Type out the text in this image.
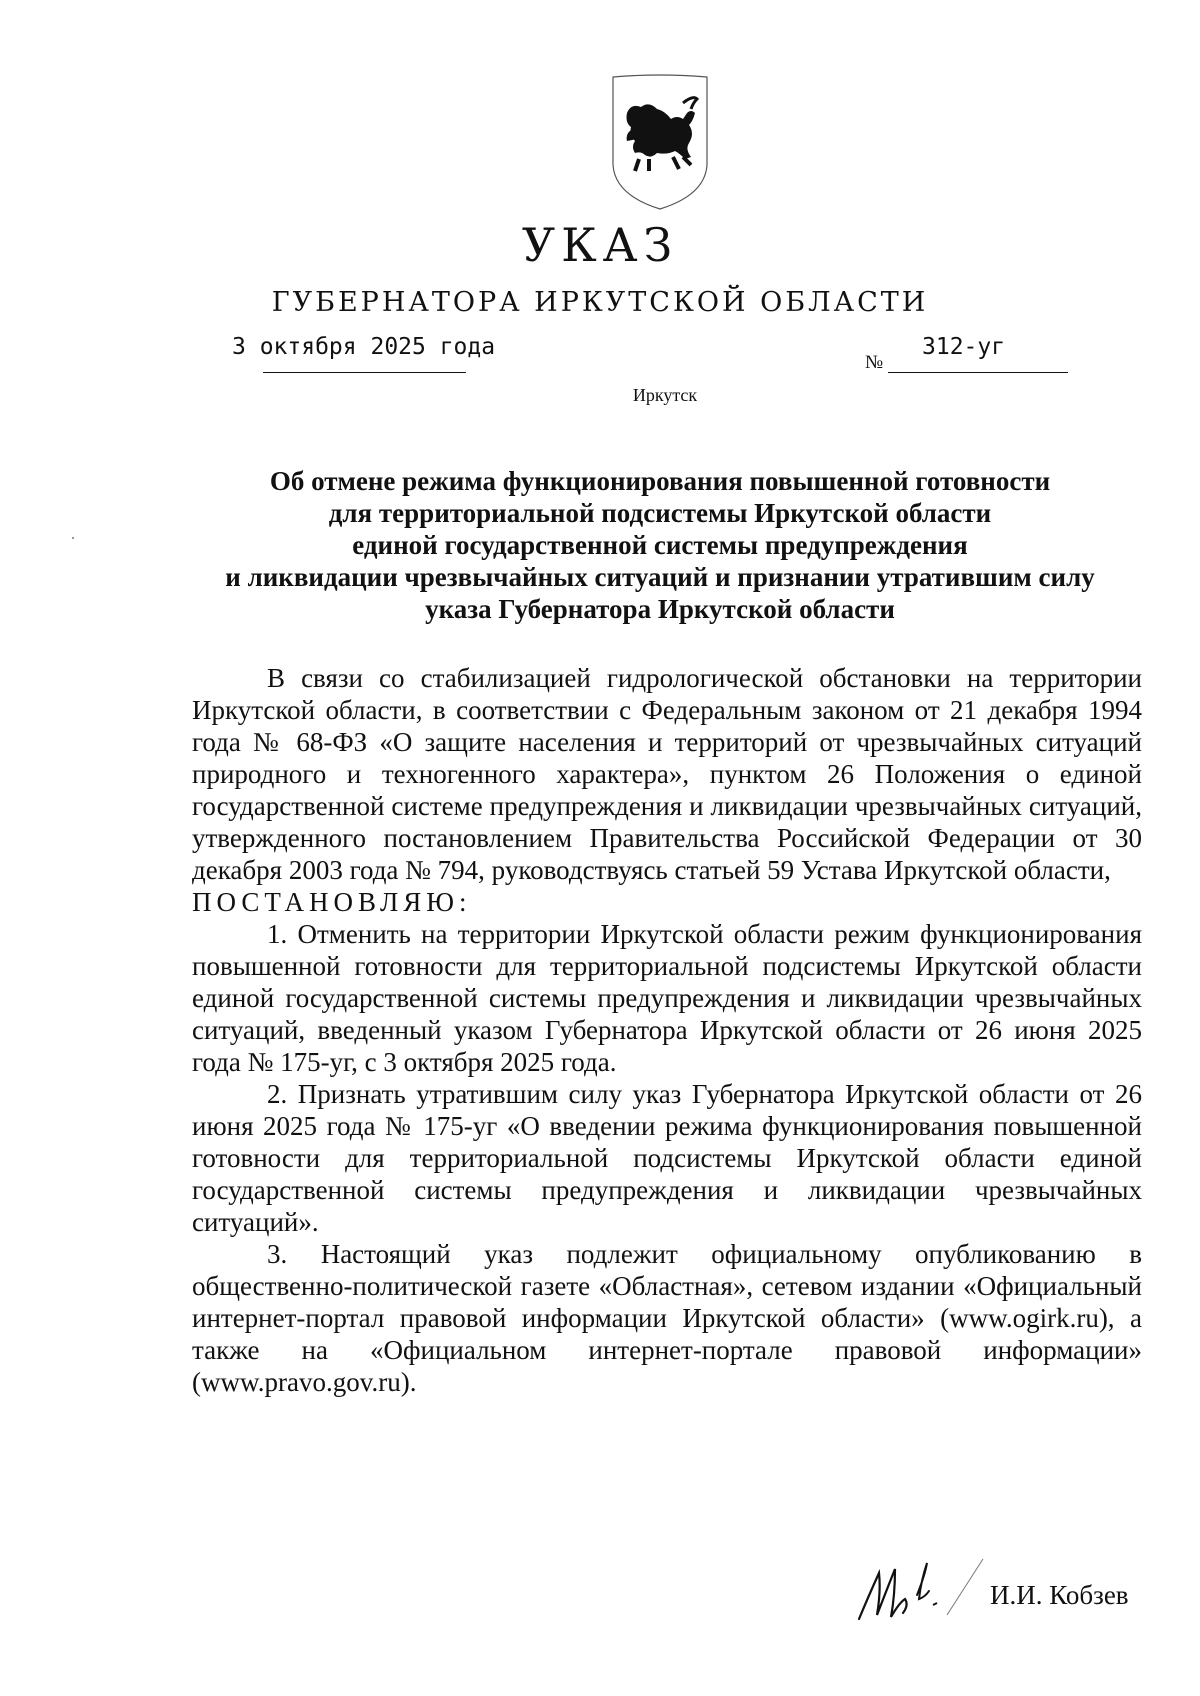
УКАЗ
ГУБЕРНАТОРА ИРКУТСКОЙ ОБЛАСТИ
3 октября 2025 года
№
312-уг
Иркутск
Об отмене режима функционирования повышенной готовности
для территориальной подсистемы Иркутской области
единой государственной системы предупреждения
и ликвидации чрезвычайных ситуаций и признании утратившим силу
указа Губернатора Иркутской области

В связи со стабилизацией гидрологической обстановки на территории Иркутской области, в соответствии с Федеральным законом от 21 декабря 1994 года № 68-ФЗ «О защите населения и территорий от чрезвычайных ситуаций природного и техногенного характера», пунктом 26 Положения о единой государственной системе предупреждения и ликвидации чрезвычайных ситуаций, утвержденного постановлением Правительства Российской Федерации от 30 декабря 2003 года № 794, руководствуясь статьей 59 Устава Иркутской области,

ПОСТАНОВЛЯЮ:

1. Отменить на территории Иркутской области режим функционирования повышенной готовности для территориальной подсистемы Иркутской области единой государственной системы предупреждения и ликвидации чрезвычайных ситуаций, введенный указом Губернатора Иркутской области от 26 июня 2025 года № 175-уг, с 3 октября 2025 года.

2. Признать утратившим силу указ Губернатора Иркутской области от 26 июня 2025 года № 175-уг «О введении режима функционирования повышенной готовности для территориальной подсистемы Иркутской области единой государственной системы предупреждения и ликвидации чрезвычайных ситуаций».

3. Настоящий указ подлежит официальному опубликованию в общественно-политической газете «Областная», сетевом издании «Официальный интернет-портал правовой информации Иркутской области» (www.ogirk.ru), а также на «Официальном интернет-портале правовой информации» (www.pravo.gov.ru).

И.И. Кобзев
